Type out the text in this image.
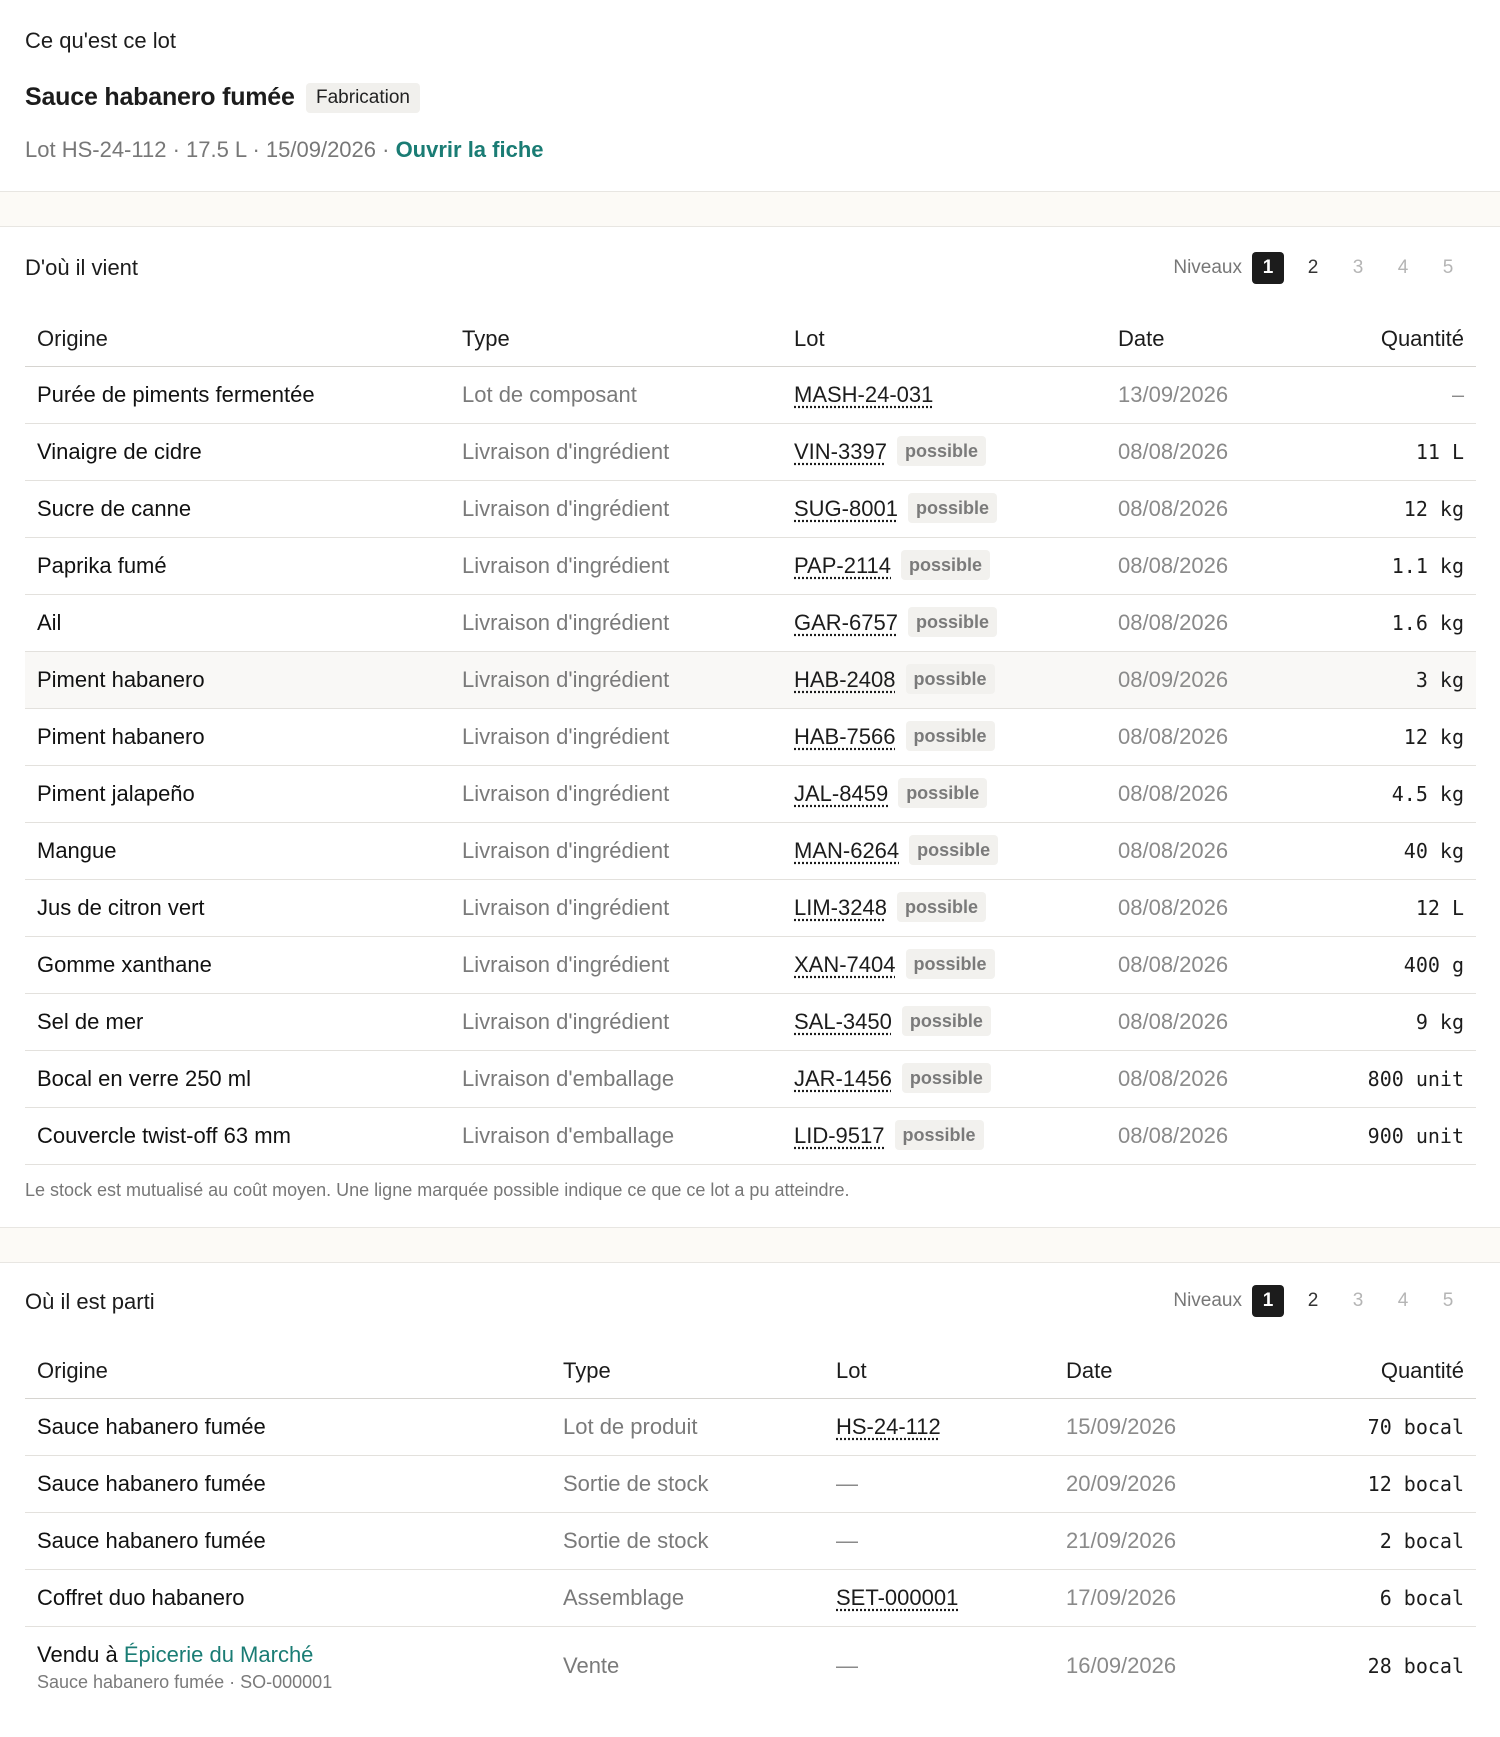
Ce qu'est ce lot
Sauce habanero fumée	Fabrication
Lot HS-24-112 · 17.5 L · 15/09/2026 · Ouvrir la fiche
D'où il vient	Niveaux	1	2	3	4	5
Origine	Type	Lot	Date	Quantité
Purée de piments fermentée	Lot de composant	MASH-24-031	13/09/2026	–
Vinaigre de cidre	Livraison d'ingrédient	VIN-3397 possible	08/08/2026	11 L
Sucre de canne	Livraison d'ingrédient	SUG-8001 possible	08/08/2026	12 kg
Paprika fumé	Livraison d'ingrédient	PAP-2114 possible	08/08/2026	1.1 kg
Ail	Livraison d'ingrédient	GAR-6757 possible	08/08/2026	1.6 kg
Piment habanero	Livraison d'ingrédient	HAB-2408 possible	08/09/2026	3 kg
Piment habanero	Livraison d'ingrédient	HAB-7566 possible	08/08/2026	12 kg
Piment jalapeño	Livraison d'ingrédient	JAL-8459 possible	08/08/2026	4.5 kg
Mangue	Livraison d'ingrédient	MAN-6264 possible	08/08/2026	40 kg
Jus de citron vert	Livraison d'ingrédient	LIM-3248 possible	08/08/2026	12 L
Gomme xanthane	Livraison d'ingrédient	XAN-7404 possible	08/08/2026	400 g
Sel de mer	Livraison d'ingrédient	SAL-3450 possible	08/08/2026	9 kg
Bocal en verre 250 ml	Livraison d'emballage	JAR-1456 possible	08/08/2026	800 unit
Couvercle twist-off 63 mm	Livraison d'emballage	LID-9517 possible	08/08/2026	900 unit
Le stock est mutualisé au coût moyen. Une ligne marquée possible indique ce que ce lot a pu atteindre.
Où il est parti	Niveaux	1	2	3	4	5
Origine	Type	Lot	Date	Quantité
Sauce habanero fumée	Lot de produit	HS-24-112	15/09/2026	70 bocal
Sauce habanero fumée	Sortie de stock	—	20/09/2026	12 bocal
Sauce habanero fumée	Sortie de stock	—	21/09/2026	2 bocal
Coffret duo habanero	Assemblage	SET-000001	17/09/2026	6 bocal
Vendu à Épicerie du Marché
Sauce habanero fumée · SO-000001
Vente	—	16/09/2026	28 bocal
